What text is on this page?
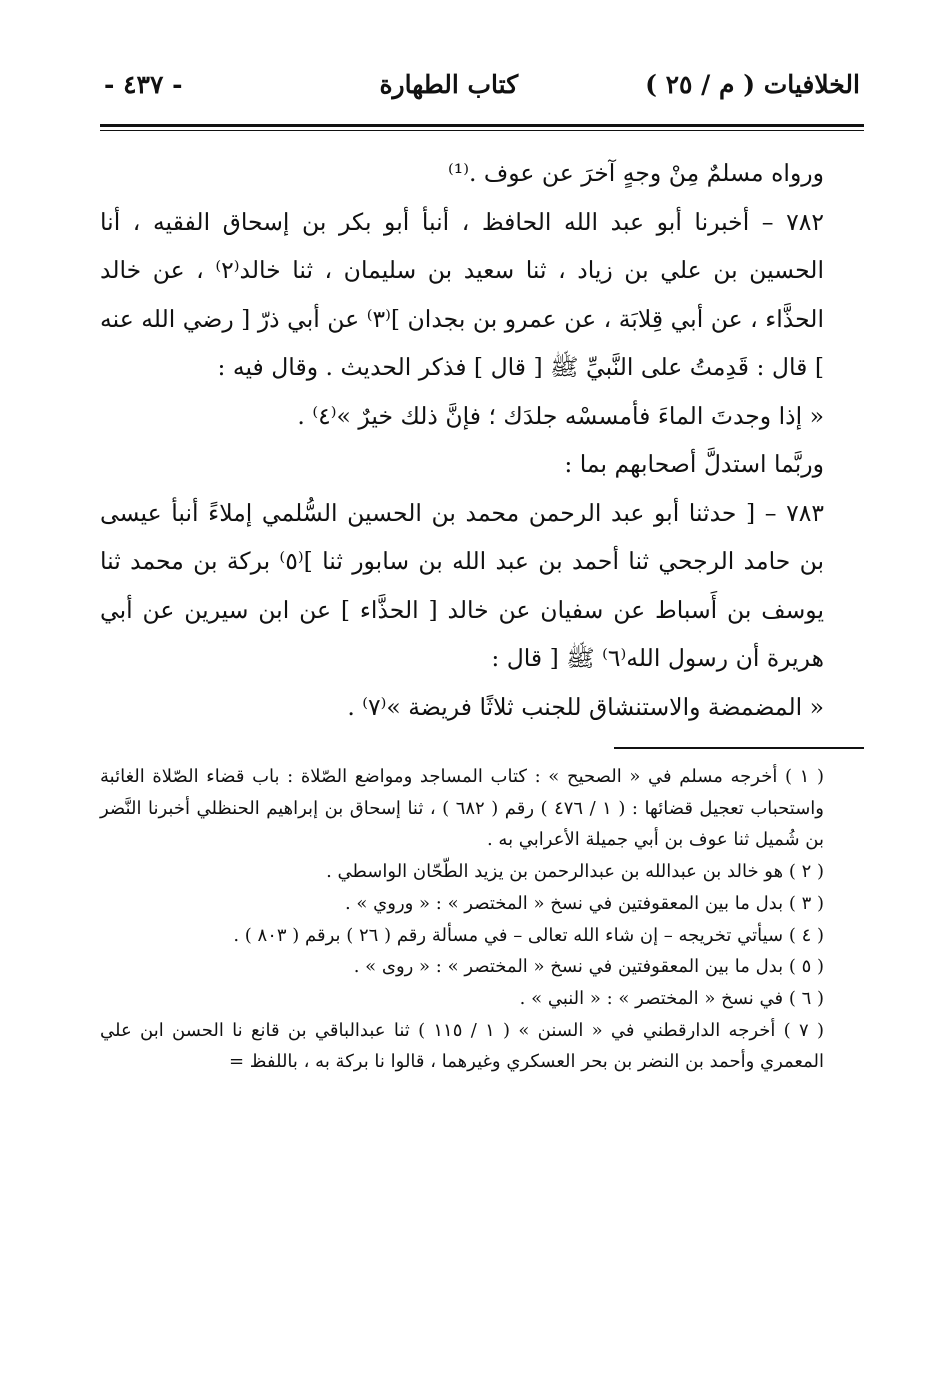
الخلافيات ( م / ٢٥ )
كتاب الطهارة
- ٤٣٧ -

ورواه مسلمٌ مِنْ وجهٍ آخرَ عن عوف .⁽¹⁾

٧٨٢ – أخبرنا أبو عبد الله الحافظ ، أنبأ أبو بكر بن إسحاق الفقيه ، أنا الحسين بن علي بن زياد ، ثنا سعيد بن سليمان ، ثنا خالد⁽٢⁾ ، عن خالد الحذَّاء ، عن أبي قِلابَة ، عن عمرو بن بجدان ]⁽٣⁾ عن أبي ذرّ [ رضي الله عنه ] قال : قَدِمتُ على النَّبيِّ ﷺ [ قال ] فذكر الحديث . وقال فيه :

« إذا وجدتَ الماءَ فأمسسْه جلدَك ؛ فإنَّ ذلك خيرٌ »⁽٤⁾ .

وربَّما استدلَّ أصحابهم بما :

٧٨٣ – [ حدثنا أبو عبد الرحمن محمد بن الحسين السُّلمي إملاءً أنبأ عيسى بن حامد الرجحي ثنا أحمد بن عبد الله بن سابور ثنا ]⁽٥⁾ بركة بن محمد ثنا يوسف بن أَسباط عن سفيان عن خالد [ الحذَّاء ] عن ابن سيرين عن أبي هريرة أن رسول الله⁽٦⁾ ﷺ [ قال :

« المضمضة والاستنشاق للجنب ثلاثًا فريضة »⁽٧⁾ .

( ١ ) أخرجه مسلم في « الصحيح » : كتاب المساجد ومواضع الصّلاة : باب قضاء الصّلاة الغائبة واستحباب تعجيل قضائها : ( ١ / ٤٧٦ ) رقم ( ٦٨٢ ) ، ثنا إسحاق بن إبراهيم الحنظلي أخبرنا النَّضر بن شُميل ثنا عوف بن أبي جميلة الأعرابي به .

( ٢ ) هو خالد بن عبدالله بن عبدالرحمن بن يزيد الطّحّان الواسطي .

( ٣ ) بدل ما بين المعقوفتين في نسخ « المختصر » : « وروي » .

( ٤ ) سيأتي تخريجه – إن شاء الله تعالى – في مسألة رقم ( ٢٦ ) برقم ( ٨٠٣ ) .

( ٥ ) بدل ما بين المعقوفتين في نسخ « المختصر » : « روى » .

( ٦ ) في نسخ « المختصر » : « النبي » .

( ٧ ) أخرجه الدارقطني في « السنن » ( ١ / ١١٥ ) ثنا عبدالباقي بن قانع نا الحسن ابن علي المعمري وأحمد بن النضر بن بحر العسكري وغيرهما ، قالوا نا بركة به ، باللفظ =
